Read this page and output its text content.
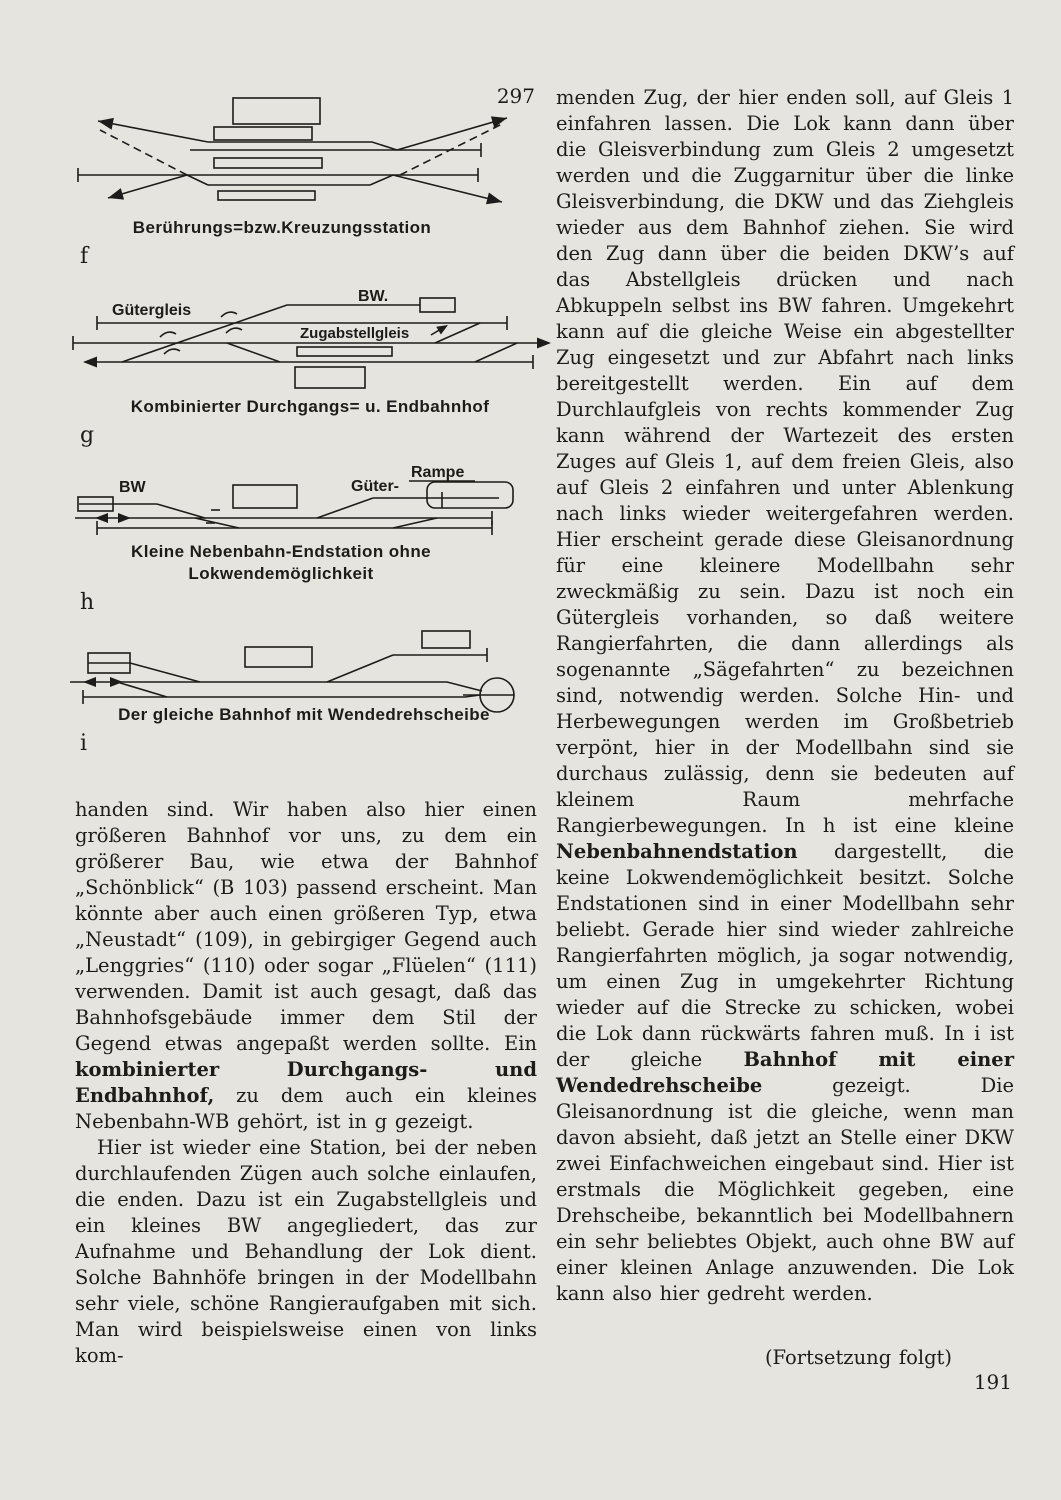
297
Berührungs=bzw.Kreuzungsstation
f
Gütergleis
BW.
Zugabstellgleis
Kombinierter Durchgangs= u. Endbahnhof
g
BW	Güter-
Rampe
Kleine Nebenbahn-Endstation ohne
Lokwendemöglichkeit
h
Der gleiche Bahnhof mit Wendedrehscheibe
i

handen sind. Wir haben also hier einen größeren Bahnhof vor uns, zu dem ein größerer Bau, wie etwa der Bahnhof „Schönblick“ (B 103) passend erscheint. Man könnte aber auch einen größeren Typ, etwa „Neustadt“ (109), in gebirgiger Gegend auch „Lenggries“ (110) oder sogar „Flüelen“ (111) verwenden. Damit ist auch gesagt, daß das Bahnhofsgebäude immer dem Stil der Gegend etwas angepaßt werden sollte. Ein kombinierter Durchgangs- und Endbahnhof, zu dem auch ein kleines Nebenbahn-WB gehört, ist in g gezeigt.

Hier ist wieder eine Station, bei der neben durchlaufenden Zügen auch solche einlaufen, die enden. Dazu ist ein Zugabstellgleis und ein kleines BW angegliedert, das zur Aufnahme und Behandlung der Lok dient. Solche Bahnhöfe bringen in der Modellbahn sehr viele, schöne Rangieraufgaben mit sich. Man wird beispielsweise einen von links kom-

menden Zug, der hier enden soll, auf Gleis 1 einfahren lassen. Die Lok kann dann über die Gleisverbindung zum Gleis 2 umgesetzt werden und die Zuggarnitur über die linke Gleisverbindung, die DKW und das Ziehgleis wieder aus dem Bahnhof ziehen. Sie wird den Zug dann über die beiden DKW’s auf das Abstellgleis drücken und nach Abkuppeln selbst ins BW fahren. Umgekehrt kann auf die gleiche Weise ein abgestellter Zug eingesetzt und zur Abfahrt nach links bereitgestellt werden. Ein auf dem Durchlaufgleis von rechts kommender Zug kann während der Wartezeit des ersten Zuges auf Gleis 1, auf dem freien Gleis, also auf Gleis 2 einfahren und unter Ablenkung nach links wieder weitergefahren werden. Hier erscheint gerade diese Gleisanordnung für eine kleinere Modellbahn sehr zweckmäßig zu sein. Dazu ist noch ein Gütergleis vorhanden, so daß weitere Rangierfahrten, die dann allerdings als sogenannte „Sägefahrten“ zu bezeichnen sind, notwendig werden. Solche Hin- und Herbewegungen werden im Großbetrieb verpönt, hier in der Modellbahn sind sie durchaus zulässig, denn sie bedeuten auf kleinem Raum mehrfache Rangierbewegungen. In h ist eine kleine Nebenbahnendstation dargestellt, die keine Lokwendemöglichkeit besitzt. Solche Endstationen sind in einer Modellbahn sehr beliebt. Gerade hier sind wieder zahlreiche Rangierfahrten möglich, ja sogar notwendig, um einen Zug in umgekehrter Richtung wieder auf die Strecke zu schicken, wobei die Lok dann rückwärts fahren muß. In i ist der gleiche Bahnhof mit einer Wendedrehscheibe gezeigt. Die Gleisanordnung ist die gleiche, wenn man davon absieht, daß jetzt an Stelle einer DKW zwei Einfachweichen eingebaut sind. Hier ist erstmals die Möglichkeit gegeben, eine Drehscheibe, bekanntlich bei Modellbahnern ein sehr beliebtes Objekt, auch ohne BW auf einer kleinen Anlage anzuwenden. Die Lok kann also hier gedreht werden.

(Fortsetzung folgt)
191
